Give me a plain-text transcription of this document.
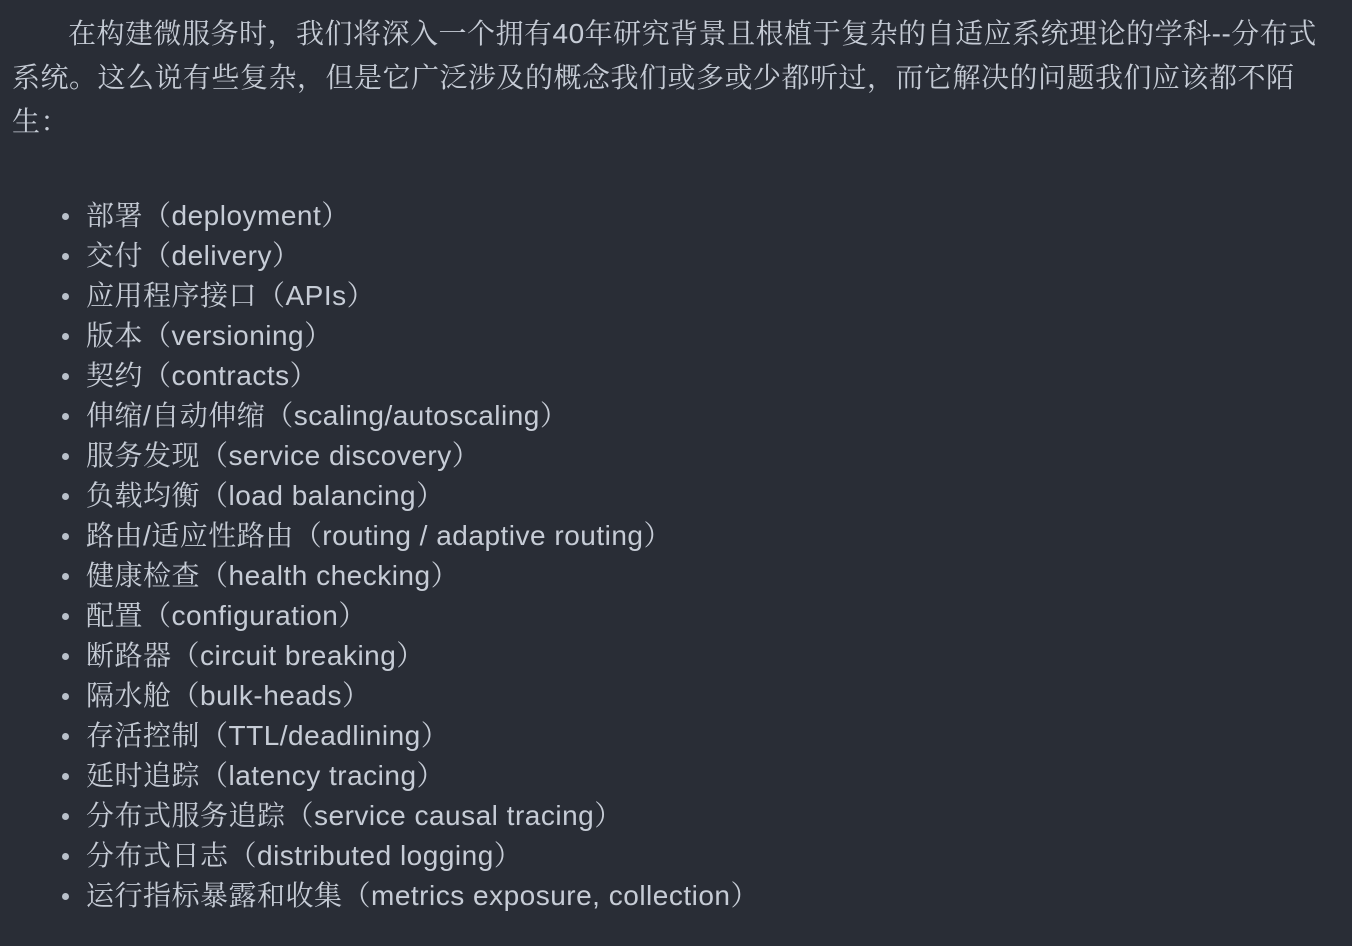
在构建微服务时，我们将深入一个拥有40年研究背景且根植于复杂的自适应系统理论的学科--分布式系统。这么说有些复杂，但是它广泛涉及的概念我们或多或少都听过，而它解决的问题我们应该都不陌生：

部署（deployment）
交付（delivery）
应用程序接口（APIs）
版本（versioning）
契约（contracts）
伸缩/自动伸缩（scaling/autoscaling）
服务发现（service discovery）
负载均衡（load balancing）
路由/适应性路由（routing / adaptive routing）
健康检查（health checking）
配置（configuration）
断路器（circuit breaking）
隔水舱（bulk-heads）
存活控制（TTL/deadlining）
延时追踪（latency tracing）
分布式服务追踪（service causal tracing）
分布式日志（distributed logging）
运行指标暴露和收集（metrics exposure, collection）
